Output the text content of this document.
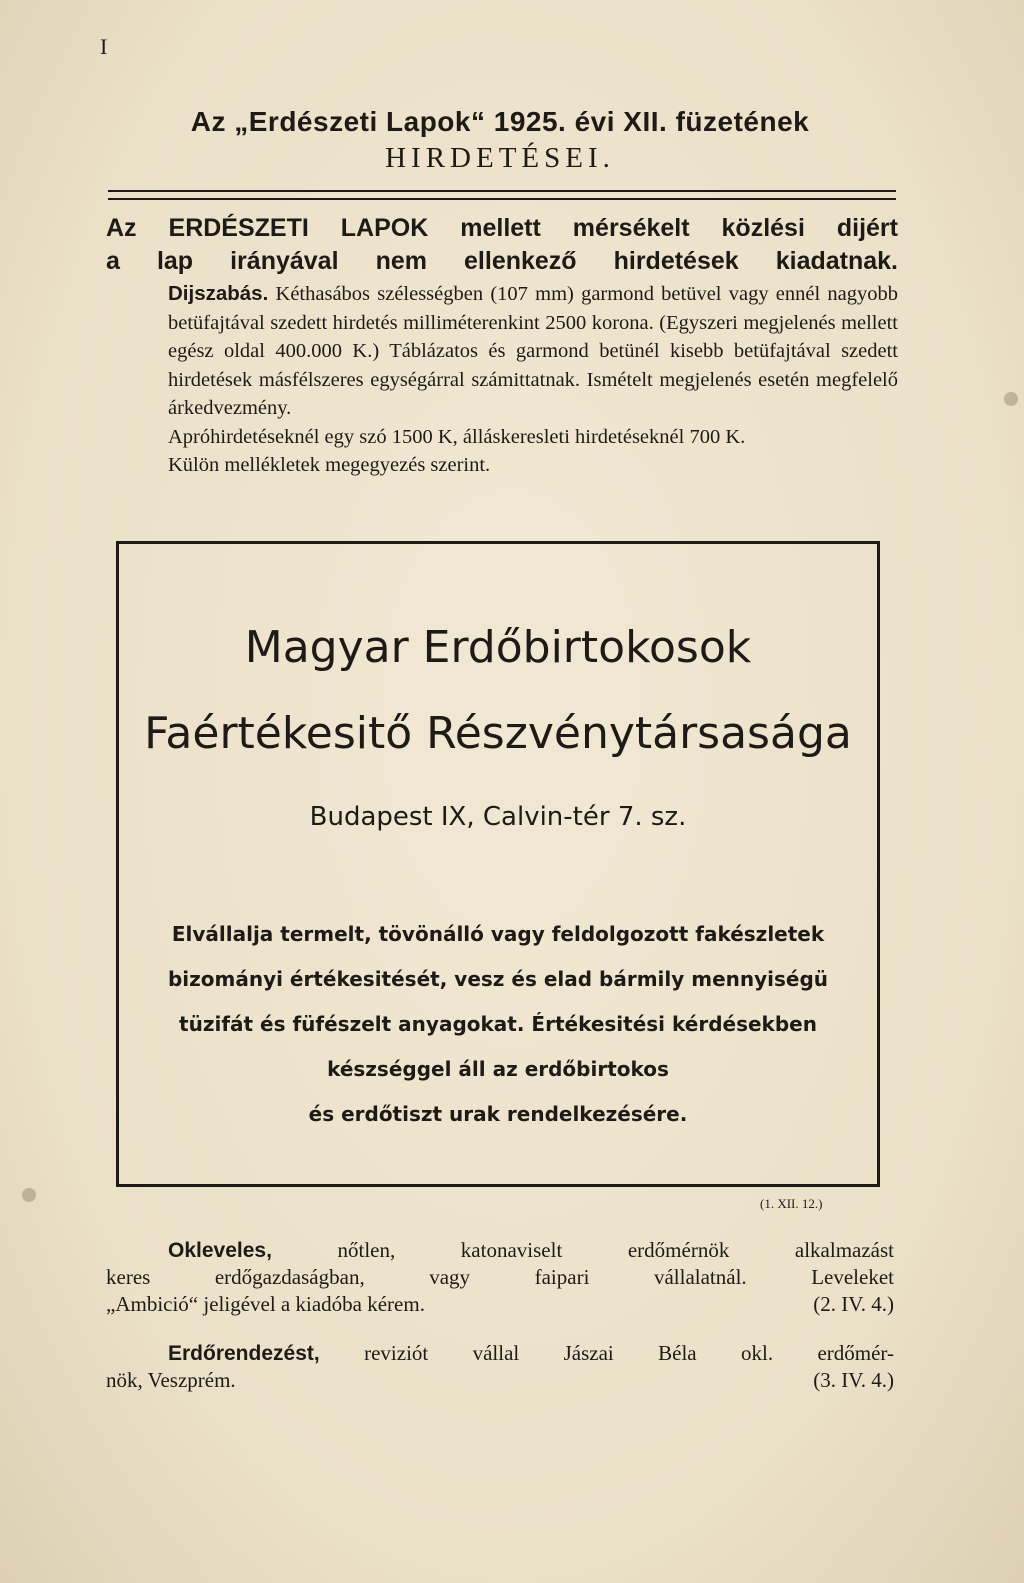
I
Az „Erdészeti Lapok“ 1925. évi XII. füzetének
HIRDETÉSEI.
Az ERDÉSZETI LAPOK mellett mérsékelt közlési dijért
a lap irányával nem ellenkező hirdetések kiadatnak.

Dijszabás. Kéthasábos szélességben (107 mm) garmond betüvel vagy ennél nagyobb betüfajtával szedett hirdetés milliméterenkint 2500 korona. (Egyszeri megjelenés mellett egész oldal 400.000 K.) Táblázatos és garmond betünél kisebb betüfajtával szedett hirdetések másfélszeres egységárral számittatnak. Ismételt megjelenés esetén megfelelő árkedvezmény.

Apróhirdetéseknél egy szó 1500 K, álláskeresleti hirdetéseknél 700 K.

Külön mellékletek megegyezés szerint.

Magyar Erdőbirtokosok
Faértékesitő Részvénytársasága
Budapest IX, Calvin-tér 7. sz.
Elvállalja termelt, tövönálló vagy feldolgozott fakészletek
bizományi értékesitését, vesz és elad bármily mennyiségü
tüzifát és füfészelt anyagokat. Értékesitési kérdésekben
készséggel áll az erdőbirtokos
és erdőtiszt urak rendelkezésére.
(1. XII. 12.)
Okleveles,	nőtlen, katonaviselt erdőmérnök alkalmazást
keres erdőgazdaságban, vagy faipari vállalatnál. Leveleket
„Ambició“ jeligével a kiadóba kérem.	(2. IV. 4.)
Erdőrendezést, reviziót vállal Jászai Béla okl. erdőmér-
nök, Veszprém.	(3. IV. 4.)
